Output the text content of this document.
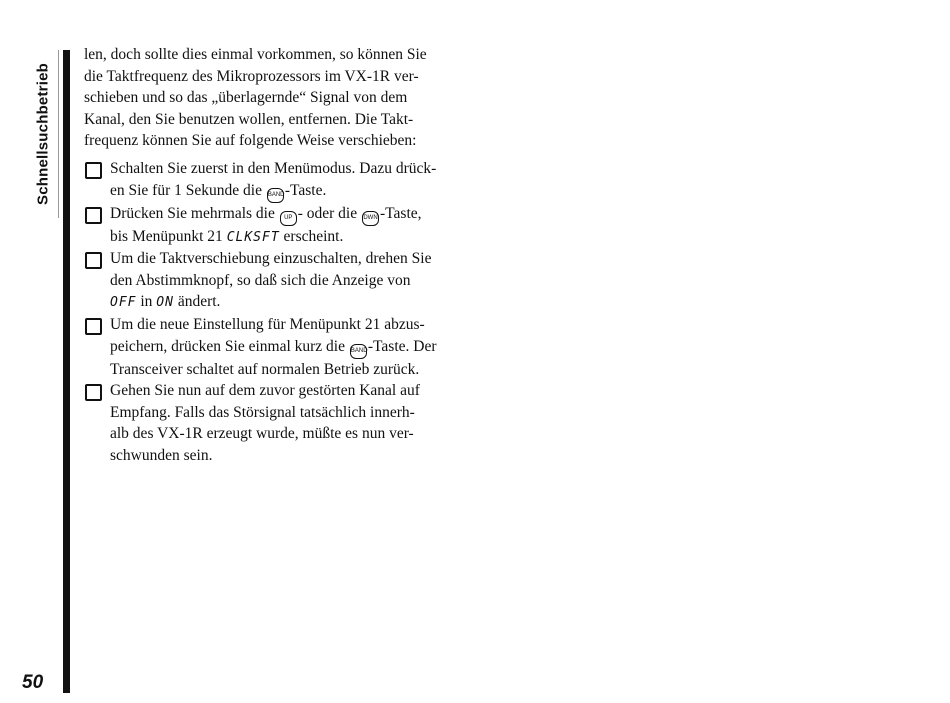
Schnellsuchbetrieb
50

len, doch sollte dies einmal vorkommen, so können Sie

die Taktfrequenz des Mikroprozessors im VX-1R ver-

schieben und so das „überlagernde“ Signal von dem

Kanal, den Sie benutzen wollen, entfernen. Die Takt-

frequenz können Sie auf folgende Weise verschieben:

Schalten Sie zuerst in den Menümodus. Dazu drück-

en Sie für 1 Sekunde die BAND-Taste.

Drücken Sie mehrmals die UP - oder die DWN -Taste,

bis Menüpunkt 21 CLKSFT erscheint.

Um die Taktverschiebung einzuschalten, drehen Sie

den Abstimmknopf, so daß sich die Anzeige von

OFF in ON ändert.

Um die neue Einstellung für Menüpunkt 21 abzus-

peichern, drücken Sie einmal kurz die BAND-Taste. Der

Transceiver schaltet auf normalen Betrieb zurück.

Gehen Sie nun auf dem zuvor gestörten Kanal auf

Empfang. Falls das Störsignal tatsächlich innerh-

alb des VX-1R erzeugt wurde, müßte es nun ver-

schwunden sein.
